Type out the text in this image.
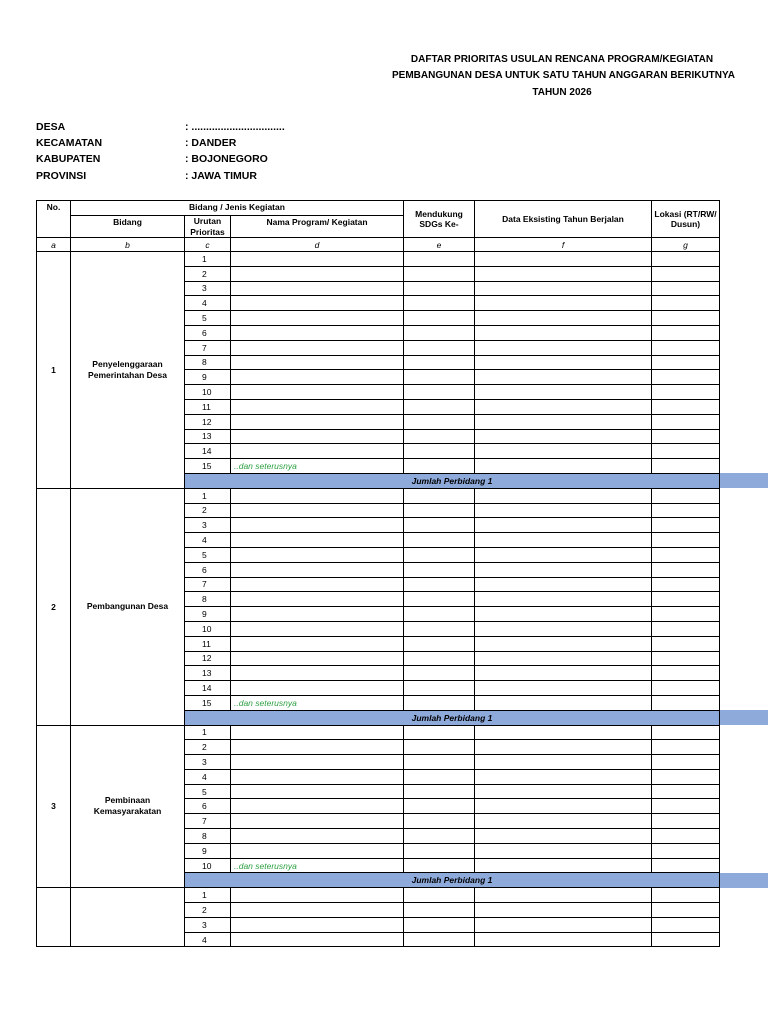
DAFTAR PRIORITAS USULAN RENCANA PROGRAM/KEGIATAN
PEMBANGUNAN DESA UNTUK SATU TAHUN ANGGARAN BERIKUTNYA
TAHUN 2026
DESA	: ................................
KECAMATAN	: DANDER
KABUPATEN	: BOJONEGORO
PROVINSI	: JAWA TIMUR
No.	Bidang / Jenis Kegiatan			Mendukung SDGs Ke-	Data Eksisting Tahun Berjalan	Lokasi (RT/RW/ Dusun)
	Bidang	Urutan Prioritas	Nama Program/ Kegiatan			

a	b	c	d	e	f	g
1	Penyelenggaraan Pemerintahan Desa	1				
		2				
		3				
		4				
		5				
		6				
		7				
		8				
		9				
		10				
		11				
		12				
		13				
		14				
		15	..dan seterusnya			
		Jumlah Perbidang 1				
2	Pembangunan Desa	1				
		2				
		3				
		4				
		5				
		6				
		7				
		8				
		9				
		10				
		11				
		12				
		13				
		14				
		15	..dan seterusnya			
		Jumlah Perbidang 1				
3	Pembinaan Kemasyarakatan	1				
		2				
		3				
		4				
		5				
		6				
		7				
		8				
		9				
		10	..dan seterusnya			
		Jumlah Perbidang 1				
		1				
		2				
		3				
		4				
